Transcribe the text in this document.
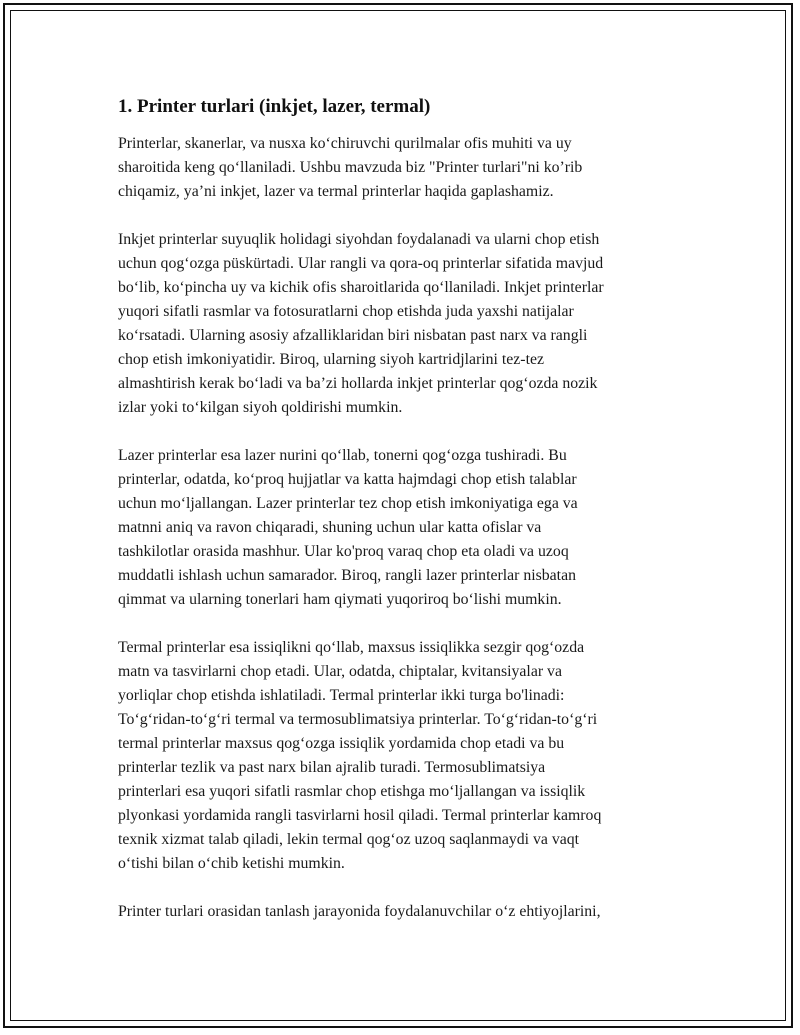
1. Printer turlari (inkjet, lazer, termal)

Printerlar, skanerlar, va nusxa ko‘chiruvchi qurilmalar ofis muhiti va uy
sharoitida keng qo‘llaniladi. Ushbu mavzuda biz "Printer turlari"ni ko’rib
chiqamiz, ya’ni inkjet, lazer va termal printerlar haqida gaplashamiz.

Inkjet printerlar suyuqlik holidagi siyohdan foydalanadi va ularni chop etish
uchun qog‘ozga püskürtadi. Ular rangli va qora-oq printerlar sifatida mavjud
bo‘lib, ko‘pincha uy va kichik ofis sharoitlarida qo‘llaniladi. Inkjet printerlar
yuqori sifatli rasmlar va fotosuratlarni chop etishda juda yaxshi natijalar
ko‘rsatadi. Ularning asosiy afzalliklaridan biri nisbatan past narx va rangli
chop etish imkoniyatidir. Biroq, ularning siyoh kartridjlarini tez-tez
almashtirish kerak bo‘ladi va ba’zi hollarda inkjet printerlar qog‘ozda nozik
izlar yoki to‘kilgan siyoh qoldirishi mumkin.

Lazer printerlar esa lazer nurini qo‘llab, tonerni qog‘ozga tushiradi. Bu
printerlar, odatda, ko‘proq hujjatlar va katta hajmdagi chop etish talablar
uchun mo‘ljallangan. Lazer printerlar tez chop etish imkoniyatiga ega va
matnni aniq va ravon chiqaradi, shuning uchun ular katta ofislar va
tashkilotlar orasida mashhur. Ular ko'proq varaq chop eta oladi va uzoq
muddatli ishlash uchun samarador. Biroq, rangli lazer printerlar nisbatan
qimmat va ularning tonerlari ham qiymati yuqoriroq bo‘lishi mumkin.

Termal printerlar esa issiqlikni qo‘llab, maxsus issiqlikka sezgir qog‘ozda
matn va tasvirlarni chop etadi. Ular, odatda, chiptalar, kvitansiyalar va
yorliqlar chop etishda ishlatiladi. Termal printerlar ikki turga bo'linadi:
To‘g‘ridan-to‘g‘ri termal va termosublimatsiya printerlar. To‘g‘ridan-to‘g‘ri
termal printerlar maxsus qog‘ozga issiqlik yordamida chop etadi va bu
printerlar tezlik va past narx bilan ajralib turadi. Termosublimatsiya
printerlari esa yuqori sifatli rasmlar chop etishga mo‘ljallangan va issiqlik
plyonkasi yordamida rangli tasvirlarni hosil qiladi. Termal printerlar kamroq
texnik xizmat talab qiladi, lekin termal qog‘oz uzoq saqlanmaydi va vaqt
o‘tishi bilan o‘chib ketishi mumkin.

Printer turlari orasidan tanlash jarayonida foydalanuvchilar o‘z ehtiyojlarini,
